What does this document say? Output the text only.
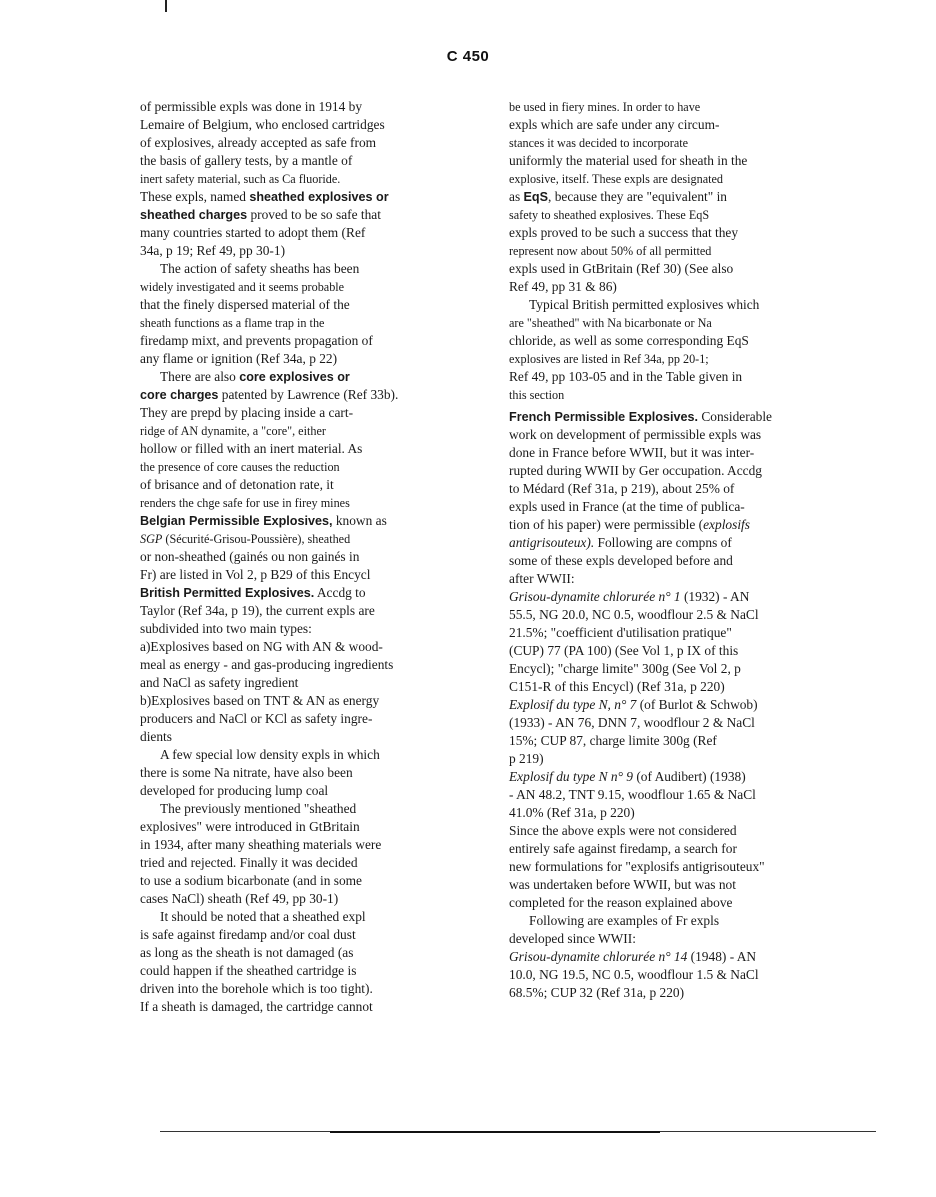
C 450
of permissible expls was done in 1914 by
Lemaire of Belgium, who enclosed cartridges
of explosives, already accepted as safe from
the basis of gallery tests, by a mantle of
inert safety material, such as Ca fluoride.
These expls, named sheathed explosives or
sheathed charges proved to be so safe that
many countries started to adopt them (Ref
34a, p 19; Ref 49, pp 30-1)
The action of safety sheaths has been
widely investigated and it seems probable
that the finely dispersed material of the
sheath functions as a flame trap in the
firedamp mixt, and prevents propagation of
any flame or ignition (Ref 34a, p 22)
There are also core explosives or
core charges patented by Lawrence (Ref 33b).
They are prepd by placing inside a cart-
ridge of AN dynamite, a "core", either
hollow or filled with an inert material. As
the presence of core causes the reduction
of brisance and of detonation rate, it
renders the chge safe for use in firey mines
Belgian Permissible Explosives, known as
SGP (Sécurité-Grisou-Poussière), sheathed
or non-sheathed (gainés ou non gainés in
Fr) are listed in Vol 2, p B29 of this Encycl
British Permitted Explosives. Accdg to
Taylor (Ref 34a, p 19), the current expls are
subdivided into two main types:
a)Explosives based on NG with AN & wood-
meal as energy - and gas-producing ingredients
and NaCl as safety ingredient
b)Explosives based on TNT & AN as energy
producers and NaCl or KCl as safety ingre-
dients
A few special low density expls in which
there is some Na nitrate, have also been
developed for producing lump coal
The previously mentioned "sheathed
explosives" were introduced in GtBritain
in 1934, after many sheathing materials were
tried and rejected. Finally it was decided
to use a sodium bicarbonate (and in some
cases NaCl) sheath (Ref 49, pp 30-1)
It should be noted that a sheathed expl
is safe against firedamp and/or coal dust
as long as the sheath is not damaged (as
could happen if the sheathed cartridge is
driven into the borehole which is too tight).
If a sheath is damaged, the cartridge cannot
be used in fiery mines. In order to have
expls which are safe under any circum-
stances it was decided to incorporate
uniformly the material used for sheath in the
explosive, itself. These expls are designated
as EqS, because they are "equivalent" in
safety to sheathed explosives. These EqS
expls proved to be such a success that they
represent now about 50% of all permitted
expls used in GtBritain (Ref 30) (See also
Ref 49, pp 31 & 86)
Typical British permitted explosives which
are "sheathed" with Na bicarbonate or Na
chloride, as well as some corresponding EqS
explosives are listed in Ref 34a, pp 20-1;
Ref 49, pp 103-05 and in the Table given in
this section
French Permissible Explosives. Considerable
work on development of permissible expls was
done in France before WWII, but it was inter-
rupted during WWII by Ger occupation. Accdg
to Médard (Ref 31a, p 219), about 25% of
expls used in France (at the time of publica-
tion of his paper) were permissible (explosifs
antigrisouteux). Following are compns of
some of these expls developed before and
after WWII:
Grisou-dynamite chlorurée n° 1 (1932) - AN
55.5, NG 20.0, NC 0.5, woodflour 2.5 & NaCl
21.5%; "coefficient d'utilisation pratique"
(CUP) 77 (PA 100) (See Vol 1, p IX of this
Encycl); "charge limite" 300g (See Vol 2, p
C151-R of this Encycl) (Ref 31a, p 220)
Explosif du type N, n° 7 (of Burlot & Schwob)
(1933) - AN 76, DNN 7, woodflour 2 & NaCl
15%; CUP 87, charge limite 300g (Ref
p 219)
Explosif du type N n° 9 (of Audibert) (1938)
- AN 48.2, TNT 9.15, woodflour 1.65 & NaCl
41.0% (Ref 31a, p 220)
Since the above expls were not considered
entirely safe against firedamp, a search for
new formulations for "explosifs antigrisouteux"
was undertaken before WWII, but was not
completed for the reason explained above
Following are examples of Fr expls
developed since WWII:
Grisou-dynamite chlorurée n° 14 (1948) - AN
10.0, NG 19.5, NC 0.5, woodflour 1.5 & NaCl
68.5%; CUP 32 (Ref 31a, p 220)
